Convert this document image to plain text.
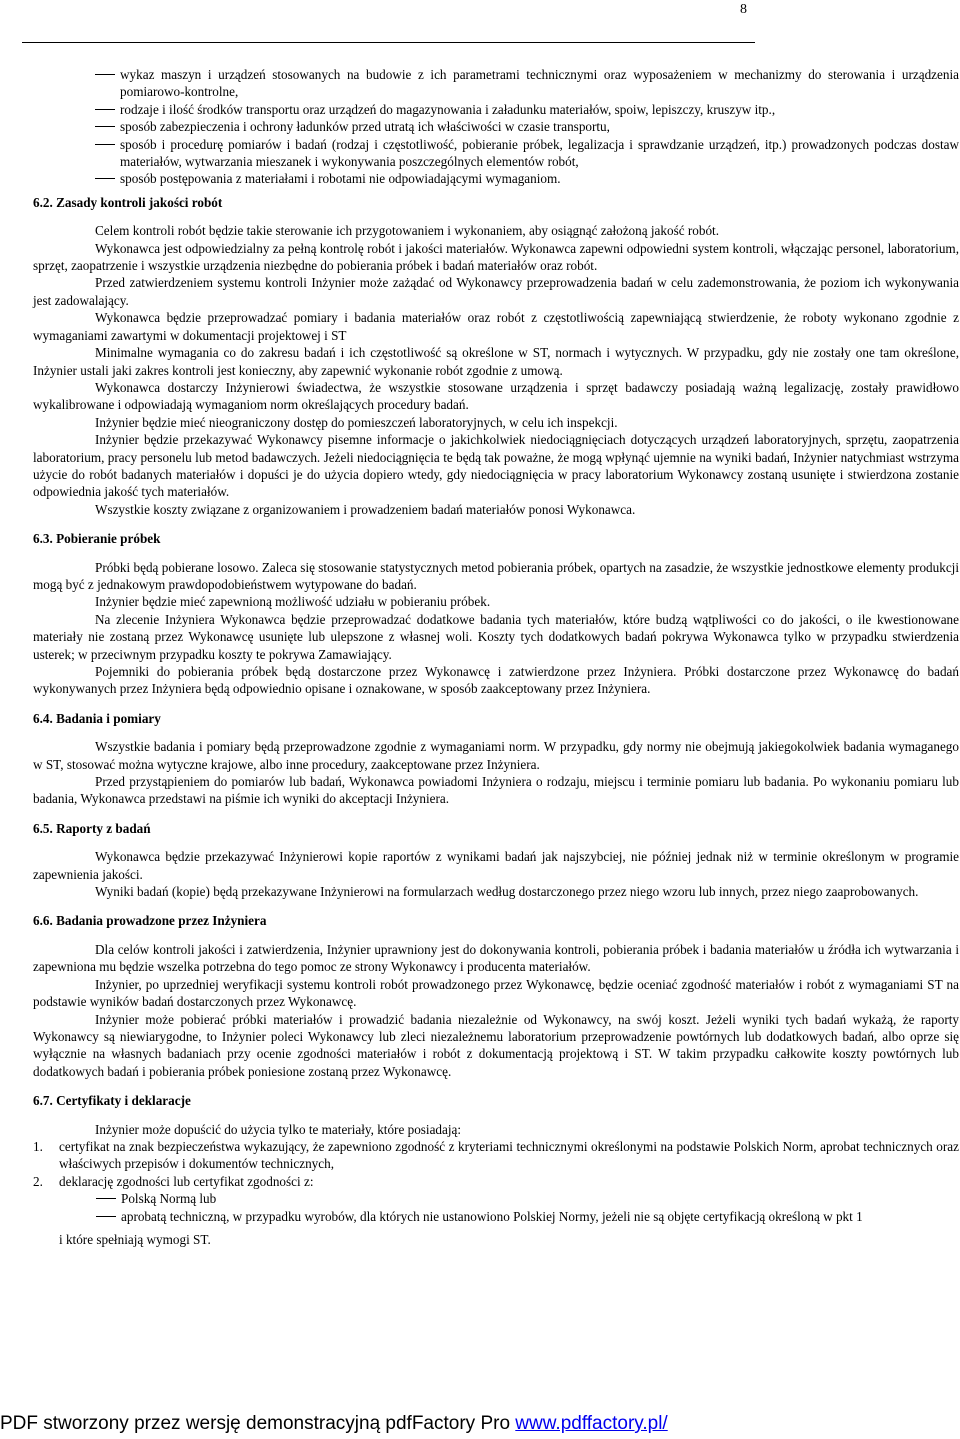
8
wykaz maszyn i urządzeń stosowanych na budowie z ich parametrami technicznymi oraz wyposażeniem w mechanizmy do sterowania i urządzenia pomiarowo-kontrolne,
rodzaje i ilość środków transportu oraz urządzeń do magazynowania i załadunku materiałów, spoiw, lepiszczy, kruszyw itp.,
sposób zabezpieczenia i ochrony ładunków przed utratą ich właściwości w czasie transportu,
sposób i procedurę pomiarów i badań (rodzaj i częstotliwość, pobieranie próbek, legalizacja i sprawdzanie urządzeń, itp.) prowadzonych podczas dostaw materiałów, wytwarzania mieszanek i wykonywania poszczególnych elementów robót,
sposób postępowania z materiałami i robotami nie odpowiadającymi wymaganiom.
6.2. Zasady kontroli jakości robót

Celem kontroli robót będzie takie sterowanie ich przygotowaniem i wykonaniem, aby osiągnąć założoną jakość robót.

Wykonawca jest odpowiedzialny za pełną kontrolę robót i jakości materiałów. Wykonawca zapewni odpowiedni system kontroli, włączając personel, laboratorium, sprzęt, zaopatrzenie i wszystkie urządzenia niezbędne do pobierania próbek i badań materiałów oraz robót.

Przed zatwierdzeniem systemu kontroli Inżynier może zażądać od Wykonawcy przeprowadzenia badań w celu zademonstrowania, że poziom ich wykonywania jest zadowalający.

Wykonawca będzie przeprowadzać pomiary i badania materiałów oraz robót z częstotliwością zapewniającą stwierdzenie, że roboty wykonano zgodnie z wymaganiami zawartymi w dokumentacji projektowej i ST

Minimalne wymagania co do zakresu badań i ich częstotliwość są określone w ST, normach i wytycznych. W przypadku, gdy nie zostały one tam określone, Inżynier ustali jaki zakres kontroli jest konieczny, aby zapewnić wykonanie robót zgodnie z umową.

Wykonawca dostarczy Inżynierowi świadectwa, że wszystkie stosowane urządzenia i sprzęt badawczy posiadają ważną legalizację, zostały prawidłowo wykalibrowane i odpowiadają wymaganiom norm określających procedury badań.

Inżynier będzie mieć nieograniczony dostęp do pomieszczeń laboratoryjnych, w celu ich inspekcji.

Inżynier będzie przekazywać Wykonawcy pisemne informacje o jakichkolwiek niedociągnięciach dotyczących urządzeń laboratoryjnych, sprzętu, zaopatrzenia laboratorium, pracy personelu lub metod badawczych. Jeżeli niedociągnięcia te będą tak poważne, że mogą wpłynąć ujemnie na wyniki badań, Inżynier natychmiast wstrzyma użycie do robót badanych materiałów i dopuści je do użycia dopiero wtedy, gdy niedociągnięcia w pracy laboratorium Wykonawcy zostaną usunięte i stwierdzona zostanie odpowiednia jakość tych materiałów.

Wszystkie koszty związane z organizowaniem i prowadzeniem badań materiałów ponosi Wykonawca.

6.3. Pobieranie próbek

Próbki będą pobierane losowo. Zaleca się stosowanie statystycznych metod pobierania próbek, opartych na zasadzie, że wszystkie jednostkowe elementy produkcji mogą być z jednakowym prawdopodobieństwem wytypowane do badań.

Inżynier będzie mieć zapewnioną możliwość udziału w pobieraniu próbek.

Na zlecenie Inżyniera Wykonawca będzie przeprowadzać dodatkowe badania tych materiałów, które budzą wątpliwości co do jakości, o ile kwestionowane materiały nie zostaną przez Wykonawcę usunięte lub ulepszone z własnej woli. Koszty tych dodatkowych badań pokrywa Wykonawca tylko w przypadku stwierdzenia usterek; w przeciwnym przypadku koszty te pokrywa Zamawiający.

Pojemniki do pobierania próbek będą dostarczone przez Wykonawcę i zatwierdzone przez Inżyniera. Próbki dostarczone przez Wykonawcę do badań wykonywanych przez Inżyniera będą odpowiednio opisane i oznakowane, w sposób zaakceptowany przez Inżyniera.

6.4. Badania i pomiary

Wszystkie badania i pomiary będą przeprowadzone zgodnie z wymaganiami norm. W przypadku, gdy normy nie obejmują jakiegokolwiek badania wymaganego w ST, stosować można wytyczne krajowe, albo inne procedury, zaakceptowane przez Inżyniera.

Przed przystąpieniem do pomiarów lub badań, Wykonawca powiadomi Inżyniera o rodzaju, miejscu i terminie pomiaru lub badania. Po wykonaniu pomiaru lub badania, Wykonawca przedstawi na piśmie ich wyniki do akceptacji Inżyniera.

6.5. Raporty z badań

Wykonawca będzie przekazywać Inżynierowi kopie raportów z wynikami badań jak najszybciej, nie później jednak niż w terminie określonym w programie zapewnienia jakości.

Wyniki badań (kopie) będą przekazywane Inżynierowi na formularzach według dostarczonego przez niego wzoru lub innych, przez niego zaaprobowanych.

6.6. Badania prowadzone przez Inżyniera

Dla celów kontroli jakości i zatwierdzenia, Inżynier uprawniony jest do dokonywania kontroli, pobierania próbek i badania materiałów u źródła ich wytwarzania i zapewniona mu będzie wszelka potrzebna do tego pomoc ze strony Wykonawcy i producenta materiałów.

Inżynier, po uprzedniej weryfikacji systemu kontroli robót prowadzonego przez Wykonawcę, będzie oceniać zgodność materiałów i robót z wymaganiami ST na podstawie wyników badań dostarczonych przez Wykonawcę.

Inżynier może pobierać próbki materiałów i prowadzić badania niezależnie od Wykonawcy, na swój koszt. Jeżeli wyniki tych badań wykażą, że raporty Wykonawcy są niewiarygodne, to Inżynier poleci Wykonawcy lub zleci niezależnemu laboratorium przeprowadzenie powtórnych lub dodatkowych badań, albo oprze się wyłącznie na własnych badaniach przy ocenie zgodności materiałów i robót z dokumentacją projektową i ST. W takim przypadku całkowite koszty powtórnych lub dodatkowych badań i pobierania próbek poniesione zostaną przez Wykonawcę.

6.7. Certyfikaty i deklaracje

Inżynier może dopuścić do użycia tylko te materiały, które posiadają:

1. certyfikat na znak bezpieczeństwa wykazujący, że zapewniono zgodność z kryteriami technicznymi określonymi na podstawie Polskich Norm, aprobat technicznych oraz właściwych przepisów i dokumentów technicznych,
2. deklarację zgodności lub certyfikat zgodności z:
Polską Normą lub
aprobatą techniczną, w przypadku wyrobów, dla których nie ustanowiono Polskiej Normy, jeżeli nie są objęte certyfikacją określoną w pkt 1
i które spełniają wymogi ST.
PDF stworzony przez wersję demonstracyjną pdfFactory Pro www.pdffactory.pl/
